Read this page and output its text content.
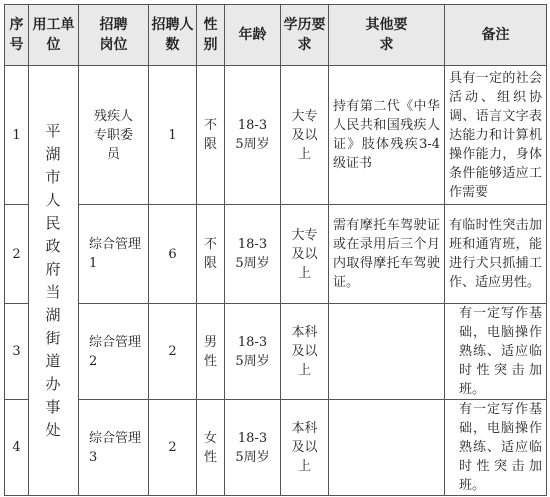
序号	用工单位	招聘岗位	招聘人数	性别	年龄	学历要求	其他要求	备注

1	平湖市人民政府当湖街道办事处	残疾人专职委员	1	不限	18-35周岁	大专及以上	持有第二代《中华人民共和国残疾人证》肢体残疾3-4级证书	具有一定的社会活动、组织协调、语言文字表达能力和计算机操作能力，身体条件能够适应工作需要

2		综合管理1	6	不限	18-35周岁	大专及以上	需有摩托车驾驶证或在录用后三个月内取得摩托车驾驶证。	有临时性突击加班和通宵班，能进行犬只抓捕工作、适应男性。

3		综合管理2	2	男性	18-35周岁	本科及以上		有一定写作基础，电脑操作熟练、适应临时性突击加班。

4		综合管理3	2	女性	18-35周岁	本科及以上		有一定写作基础，电脑操作熟练、适应临时性突击加班。
